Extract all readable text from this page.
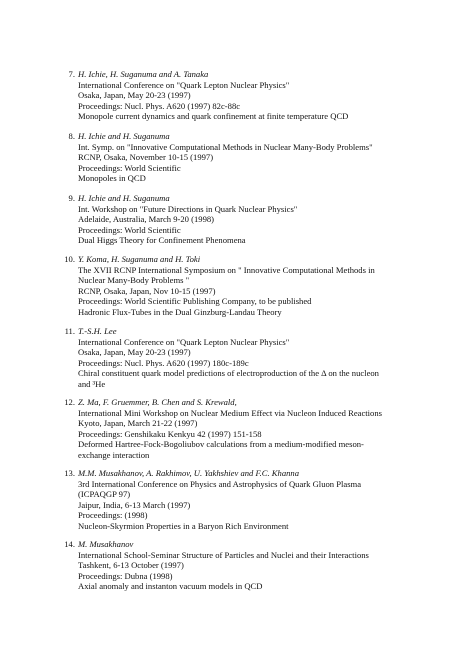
7. H. Ichie, H. Suganuma and A. Tanaka
International Conference on "Quark Lepton Nuclear Physics"
Osaka, Japan, May 20-23 (1997)
Proceedings: Nucl. Phys. A620 (1997) 82c-88c
Monopole current dynamics and quark confinement at finite temperature QCD
8. H. Ichie and H. Suganuma
Int. Symp. on "Innovative Computational Methods in Nuclear Many-Body Problems"
RCNP, Osaka, November 10-15 (1997)
Proceedings: World Scientific
Monopoles in QCD
9. H. Ichie and H. Suganuma
Int. Workshop on "Future Directions in Quark Nuclear Physics"
Adelaide, Australia, March 9-20 (1998)
Proceedings: World Scientific
Dual Higgs Theory for Confinement Phenomena
10. Y. Koma, H. Suganuma and H. Toki
The XVII RCNP International Symposium on " Innovative Computational Methods in
Nuclear Many-Body Problems "
RCNP, Osaka, Japan, Nov 10-15 (1997)
Proceedings: World Scientific Publishing Company, to be published
Hadronic Flux-Tubes in the Dual Ginzburg-Landau Theory
11. T.-S.H. Lee
International Conference on "Quark Lepton Nuclear Physics"
Osaka, Japan, May 20-23 (1997)
Proceedings: Nucl. Phys. A620 (1997) 180c-189c
Chiral constituent quark model predictions of electroproduction of the Δ on the nucleon
and ³He
12. Z. Ma, F. Gruemmer, B. Chen and S. Krewald,
International Mini Workshop on Nuclear Medium Effect via Nucleon Induced Reactions
Kyoto, Japan, March 21-22 (1997)
Proceedings: Genshikaku Kenkyu 42 (1997) 151-158
Deformed Hartree-Fock-Bogoliubov calculations from a medium-modified meson-
exchange interaction
13. M.M. Musakhanov, A. Rakhimov, U. Yakhshiev and F.C. Khanna
3rd International Conference on Physics and Astrophysics of Quark Gluon Plasma
(ICPAQGP 97)
Jaipur, India, 6-13 March (1997)
Proceedings: (1998)
Nucleon-Skyrmion Properties in a Baryon Rich Environment
14. M. Musakhanov
International School-Seminar Structure of Particles and Nuclei and their Interactions
Tashkent, 6-13 October (1997)
Proceedings: Dubna (1998)
Axial anomaly and instanton vacuum models in QCD
